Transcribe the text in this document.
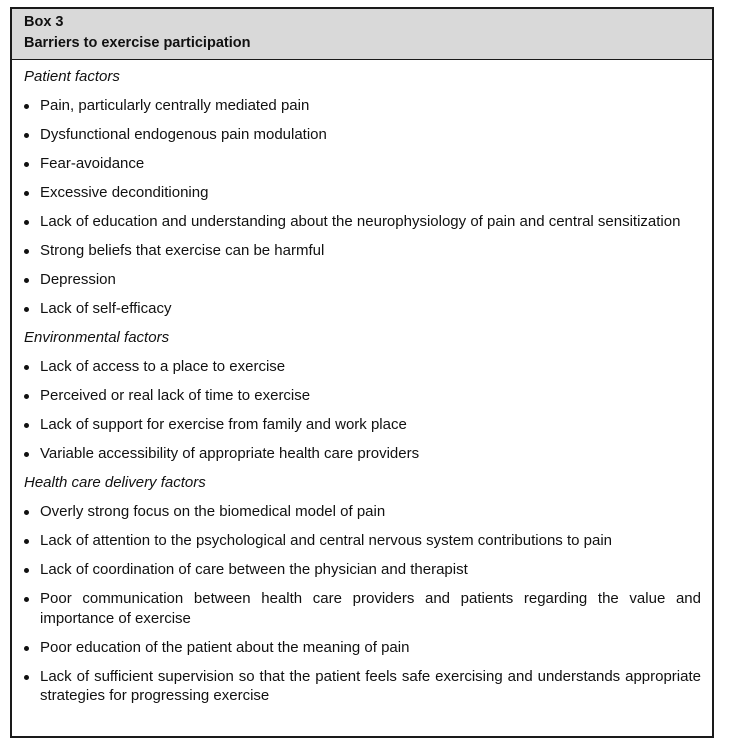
Box 3
Barriers to exercise participation
Patient factors
Pain, particularly centrally mediated pain
Dysfunctional endogenous pain modulation
Fear-avoidance
Excessive deconditioning
Lack of education and understanding about the neurophysiology of pain and central sensitization
Strong beliefs that exercise can be harmful
Depression
Lack of self-efficacy
Environmental factors
Lack of access to a place to exercise
Perceived or real lack of time to exercise
Lack of support for exercise from family and work place
Variable accessibility of appropriate health care providers
Health care delivery factors
Overly strong focus on the biomedical model of pain
Lack of attention to the psychological and central nervous system contributions to pain
Lack of coordination of care between the physician and therapist
Poor communication between health care providers and patients regarding the value and importance of exercise
Poor education of the patient about the meaning of pain
Lack of sufficient supervision so that the patient feels safe exercising and understands appropriate strategies for progressing exercise
